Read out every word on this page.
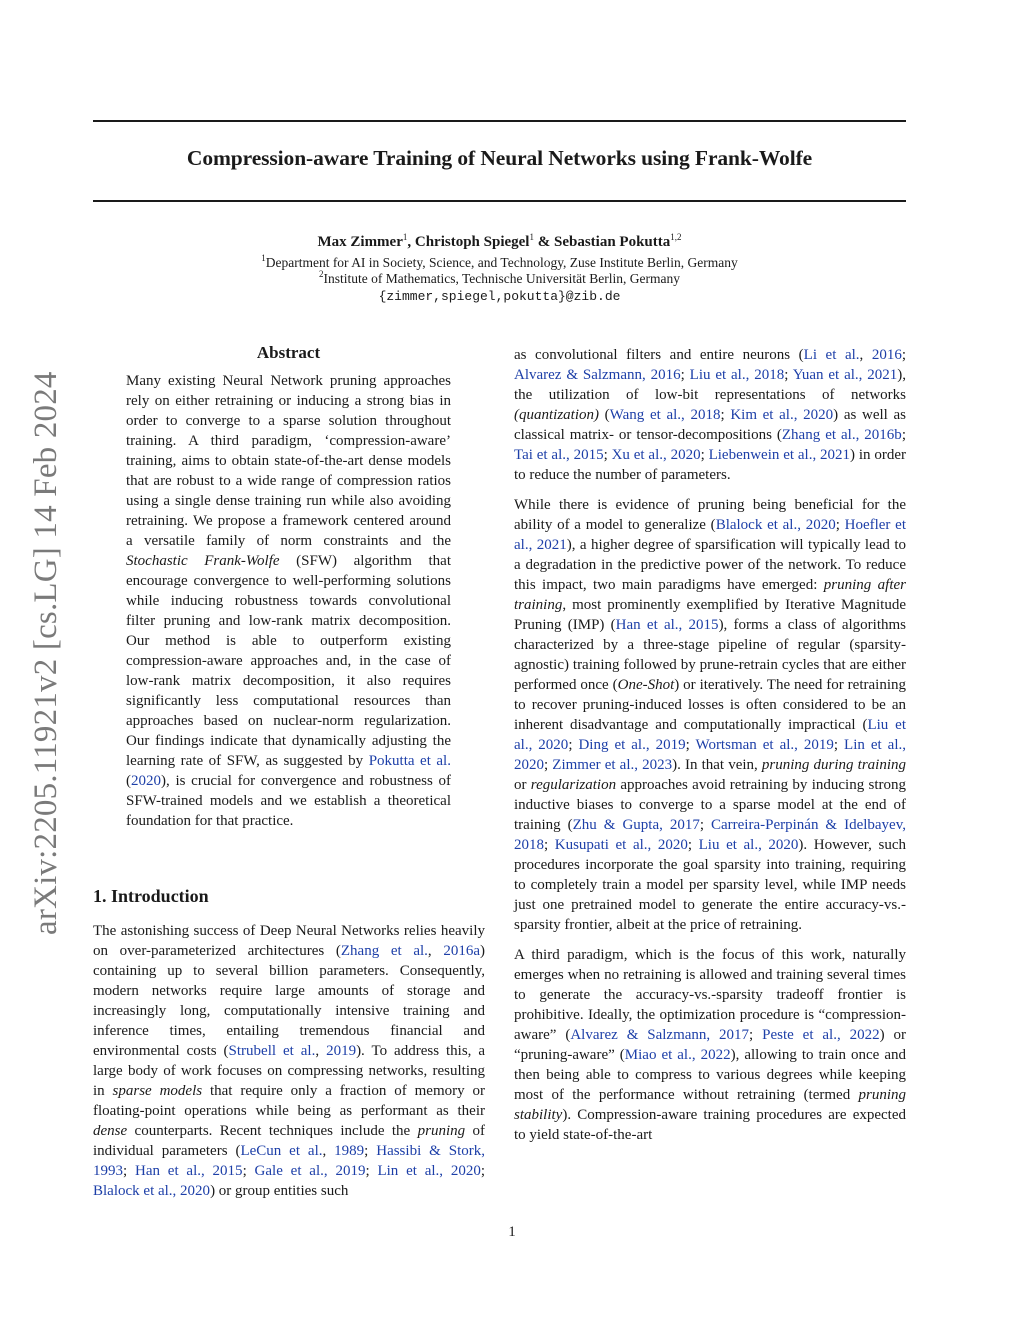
arXiv:2205.11921v2 [cs.LG] 14 Feb 2024
Compression-aware Training of Neural Networks using Frank-Wolfe
Max Zimmer$^1$, Christoph Spiegel$^1$ & Sebastian Pokutta$^{1,2}$
$^1$Department for AI in Society, Science, and Technology, Zuse Institute Berlin, Germany
$^2$Institute of Mathematics, Technische Universität Berlin, Germany
{zimmer,spiegel,pokutta}@zib.de
Abstract

Many existing Neural Network pruning approaches rely on either retraining or inducing a strong bias in order to converge to a sparse solution throughout training. A third paradigm, ‘compression-aware’ training, aims to obtain state-of-the-art dense models that are robust to a wide range of compression ratios using a single dense training run while also avoiding retraining. We propose a framework centered around a versatile family of norm constraints and the Stochastic Frank-Wolfe (SFW) algorithm that encourage convergence to well-performing solutions while inducing robustness towards convolutional filter pruning and low-rank matrix decomposition. Our method is able to outperform existing compression-aware approaches and, in the case of low-rank matrix decomposition, it also requires significantly less computational resources than approaches based on nuclear-norm regularization. Our findings indicate that dynamically adjusting the learning rate of SFW, as suggested by Pokutta et al. (2020), is crucial for convergence and robustness of SFW-trained models and we establish a theoretical foundation for that practice.

1. Introduction

The astonishing success of Deep Neural Networks relies heavily on over-parameterized architectures (Zhang et al., 2016a) containing up to several billion parameters. Consequently, modern networks require large amounts of storage and increasingly long, computationally intensive training and inference times, entailing tremendous financial and environmental costs (Strubell et al., 2019). To address this, a large body of work focuses on compressing networks, resulting in sparse models that require only a fraction of memory or floating-point operations while being as performant as their dense counterparts. Recent techniques include the pruning of individual parameters (LeCun et al., 1989; Hassibi & Stork, 1993; Han et al., 2015; Gale et al., 2019; Lin et al., 2020; Blalock et al., 2020) or group entities such

as convolutional filters and entire neurons (Li et al., 2016; Alvarez & Salzmann, 2016; Liu et al., 2018; Yuan et al., 2021), the utilization of low-bit representations of networks (quantization) (Wang et al., 2018; Kim et al., 2020) as well as classical matrix- or tensor-decompositions (Zhang et al., 2016b; Tai et al., 2015; Xu et al., 2020; Liebenwein et al., 2021) in order to reduce the number of parameters.

While there is evidence of pruning being beneficial for the ability of a model to generalize (Blalock et al., 2020; Hoefler et al., 2021), a higher degree of sparsification will typically lead to a degradation in the predictive power of the network. To reduce this impact, two main paradigms have emerged: pruning after training, most prominently exemplified by Iterative Magnitude Pruning (IMP) (Han et al., 2015), forms a class of algorithms characterized by a three-stage pipeline of regular (sparsity-agnostic) training followed by prune-retrain cycles that are either performed once (One-Shot) or iteratively. The need for retraining to recover pruning-induced losses is often considered to be an inherent disadvantage and computationally impractical (Liu et al., 2020; Ding et al., 2019; Wortsman et al., 2019; Lin et al., 2020; Zimmer et al., 2023). In that vein, pruning during training or regularization approaches avoid retraining by inducing strong inductive biases to converge to a sparse model at the end of training (Zhu & Gupta, 2017; Carreira-Perpinán & Idelbayev, 2018; Kusupati et al., 2020; Liu et al., 2020). However, such procedures incorporate the goal sparsity into training, requiring to completely train a model per sparsity level, while IMP needs just one pretrained model to generate the entire accuracy-vs.-sparsity frontier, albeit at the price of retraining.

A third paradigm, which is the focus of this work, naturally emerges when no retraining is allowed and training several times to generate the accuracy-vs.-sparsity tradeoff frontier is prohibitive. Ideally, the optimization procedure is “compression-aware” (Alvarez & Salzmann, 2017; Peste et al., 2022) or “pruning-aware” (Miao et al., 2022), allowing to train once and then being able to compress to various degrees while keeping most of the performance without retraining (termed pruning stability). Compression-aware training procedures are expected to yield state-of-the-art

1
